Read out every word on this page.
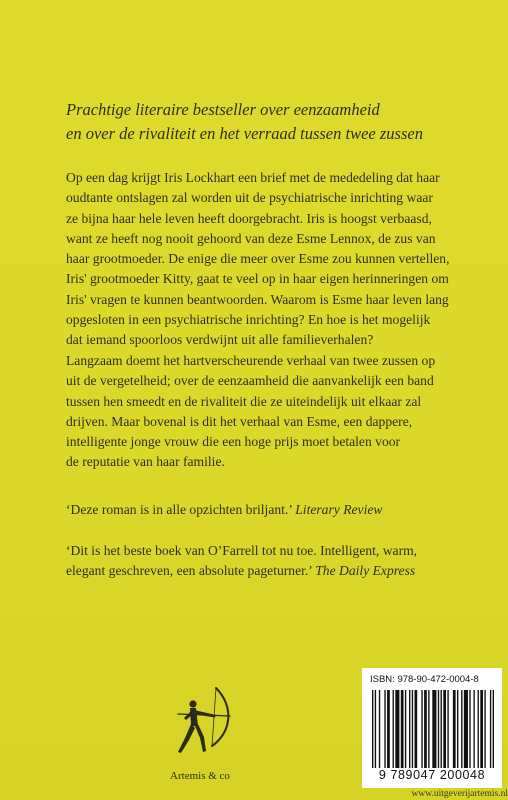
Prachtige literaire bestseller over eenzaamheid
en over de rivaliteit en het verraad tussen twee zussen
Op een dag krijgt Iris Lockhart een brief met de mededeling dat haar
oudtante ontslagen zal worden uit de psychiatrische inrichting waar
ze bijna haar hele leven heeft doorgebracht. Iris is hoogst verbaasd,
want ze heeft nog nooit gehoord van deze Esme Lennox, de zus van
haar grootmoeder. De enige die meer over Esme zou kunnen vertellen,
Iris' grootmoeder Kitty, gaat te veel op in haar eigen herinneringen om
Iris' vragen te kunnen beantwoorden. Waarom is Esme haar leven lang
opgesloten in een psychiatrische inrichting? En hoe is het mogelijk
dat iemand spoorloos verdwijnt uit alle familieverhalen?
Langzaam doemt het hartverscheurende verhaal van twee zussen op
uit de vergetelheid; over de eenzaamheid die aanvankelijk een band
tussen hen smeedt en de rivaliteit die ze uiteindelijk uit elkaar zal
drijven. Maar bovenal is dit het verhaal van Esme, een dappere,
intelligente jonge vrouw die een hoge prijs moet betalen voor
de reputatie van haar familie.
‘Deze roman is in alle opzichten briljant.’ Literary Review
‘Dit is het beste boek van O’Farrell tot nu toe. Intelligent, warm,
elegant geschreven, een absolute pageturner.’ The Daily Express
Artemis & co
ISBN: 978-90-472-0004-8
9 789047 200048
www.uitgeverijartemis.nl
